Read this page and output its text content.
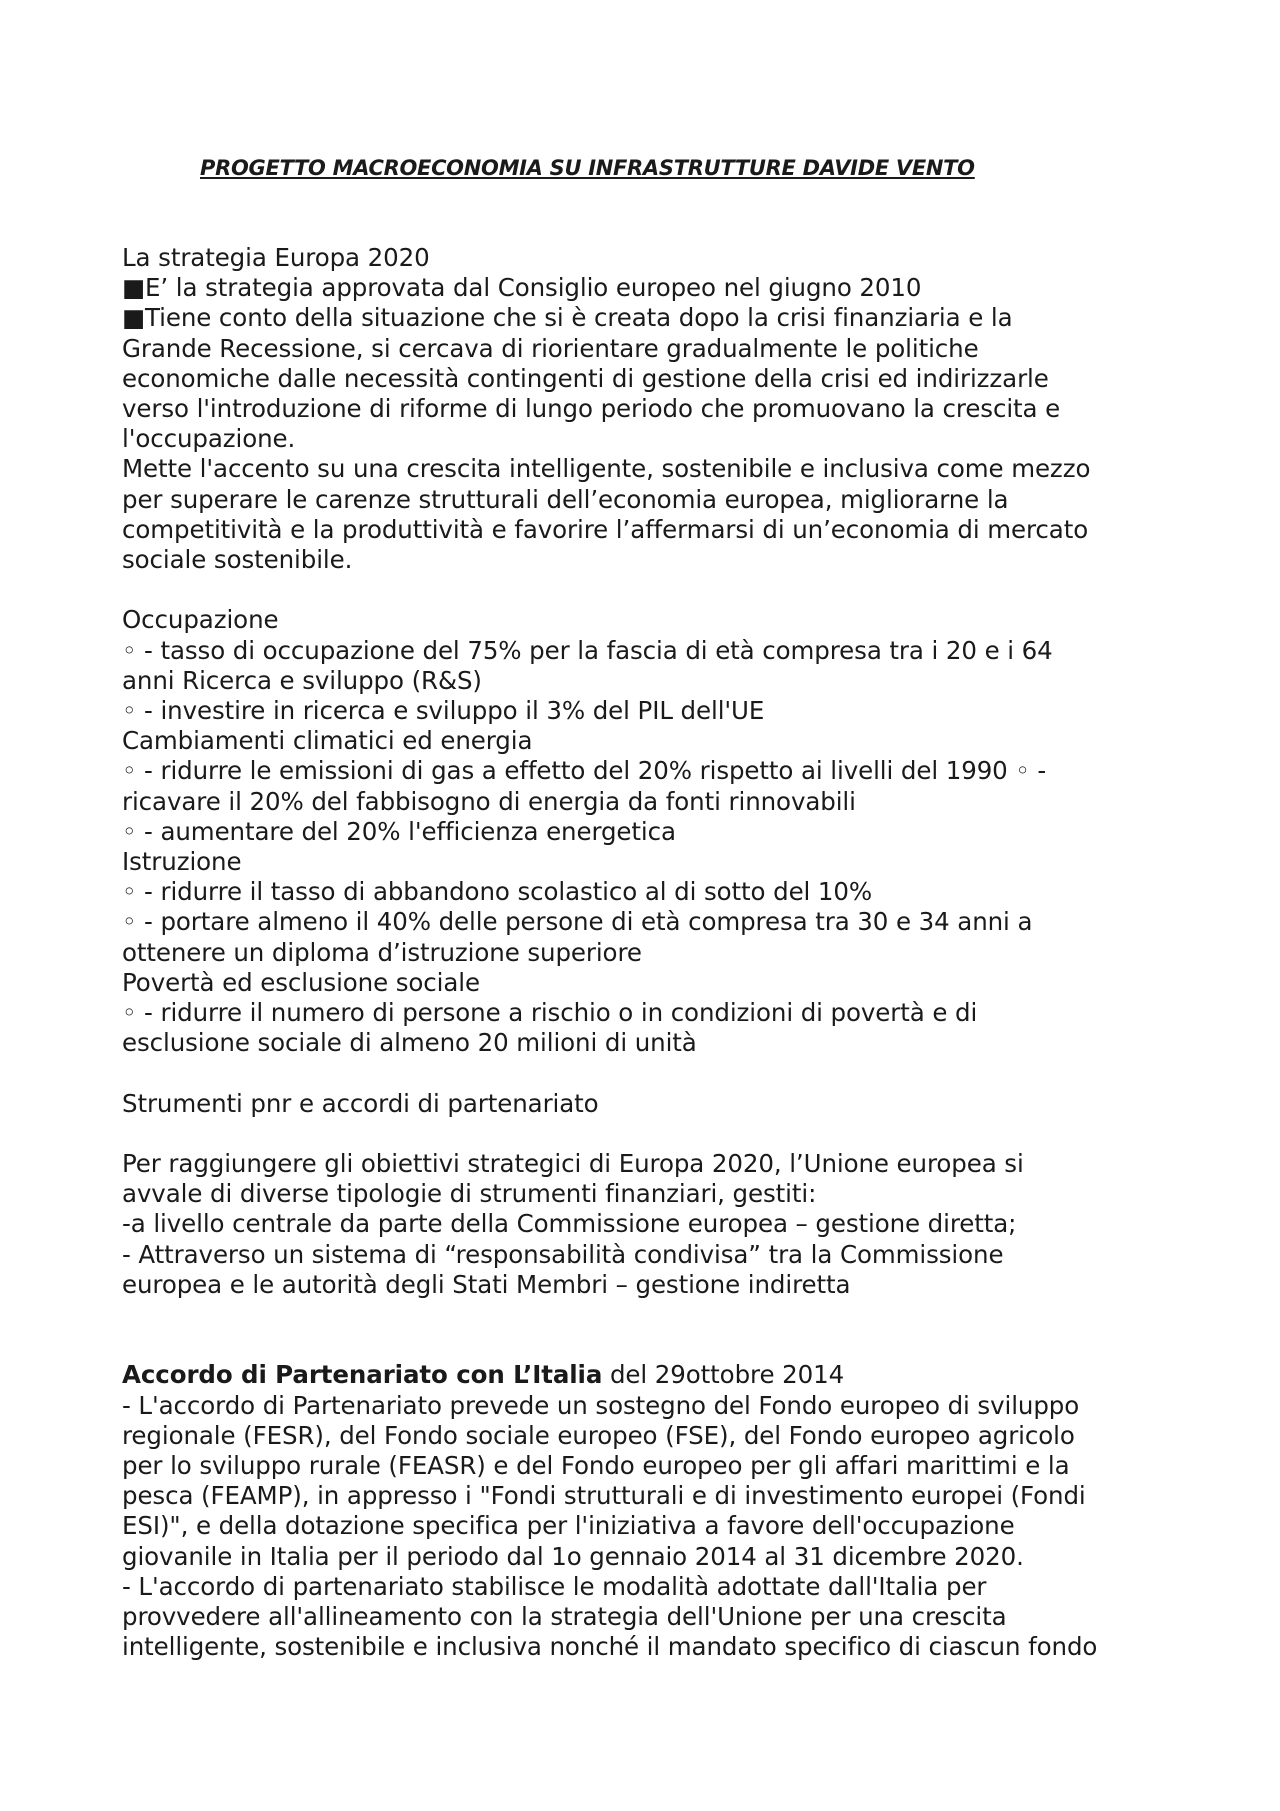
PROGETTO MACROECONOMIA SU INFRASTRUTTURE DAVIDE VENTO
La strategia Europa 2020
■E’ la strategia approvata dal Consiglio europeo nel giugno 2010
■Tiene conto della situazione che si è creata dopo la crisi finanziaria e la
Grande Recessione, si cercava di riorientare gradualmente le politiche
economiche dalle necessità contingenti di gestione della crisi ed indirizzarle
verso l'introduzione di riforme di lungo periodo che promuovano la crescita e
l'occupazione.
Mette l'accento su una crescita intelligente, sostenibile e inclusiva come mezzo
per superare le carenze strutturali dell’economia europea, migliorarne la
competitività e la produttività e favorire l’affermarsi di un’economia di mercato
sociale sostenibile.
Occupazione
◦ - tasso di occupazione del 75% per la fascia di età compresa tra i 20 e i 64
anni Ricerca e sviluppo (R&S)
◦ - investire in ricerca e sviluppo il 3% del PIL dell'UE
Cambiamenti climatici ed energia
◦ - ridurre le emissioni di gas a effetto del 20% rispetto ai livelli del 1990 ◦ -
ricavare il 20% del fabbisogno di energia da fonti rinnovabili
◦ - aumentare del 20% l'efficienza energetica
Istruzione
◦ - ridurre il tasso di abbandono scolastico al di sotto del 10%
◦ - portare almeno il 40% delle persone di età compresa tra 30 e 34 anni a
ottenere un diploma d’istruzione superiore
Povertà ed esclusione sociale
◦ - ridurre il numero di persone a rischio o in condizioni di povertà e di
esclusione sociale di almeno 20 milioni di unità
Strumenti pnr e accordi di partenariato
Per raggiungere gli obiettivi strategici di Europa 2020, l’Unione europea si
avvale di diverse tipologie di strumenti finanziari, gestiti:
-a livello centrale da parte della Commissione europea – gestione diretta;
- Attraverso un sistema di “responsabilità condivisa” tra la Commissione
europea e le autorità degli Stati Membri – gestione indiretta
Accordo di Partenariato con L’Italia del 29ottobre 2014
- L'accordo di Partenariato prevede un sostegno del Fondo europeo di sviluppo
regionale (FESR), del Fondo sociale europeo (FSE), del Fondo europeo agricolo
per lo sviluppo rurale (FEASR) e del Fondo europeo per gli affari marittimi e la
pesca (FEAMP), in appresso i "Fondi strutturali e di investimento europei (Fondi
ESI)", e della dotazione specifica per l'iniziativa a favore dell'occupazione
giovanile in Italia per il periodo dal 1o gennaio 2014 al 31 dicembre 2020.
- L'accordo di partenariato stabilisce le modalità adottate dall'Italia per
provvedere all'allineamento con la strategia dell'Unione per una crescita
intelligente, sostenibile e inclusiva nonché il mandato specifico di ciascun fondo
